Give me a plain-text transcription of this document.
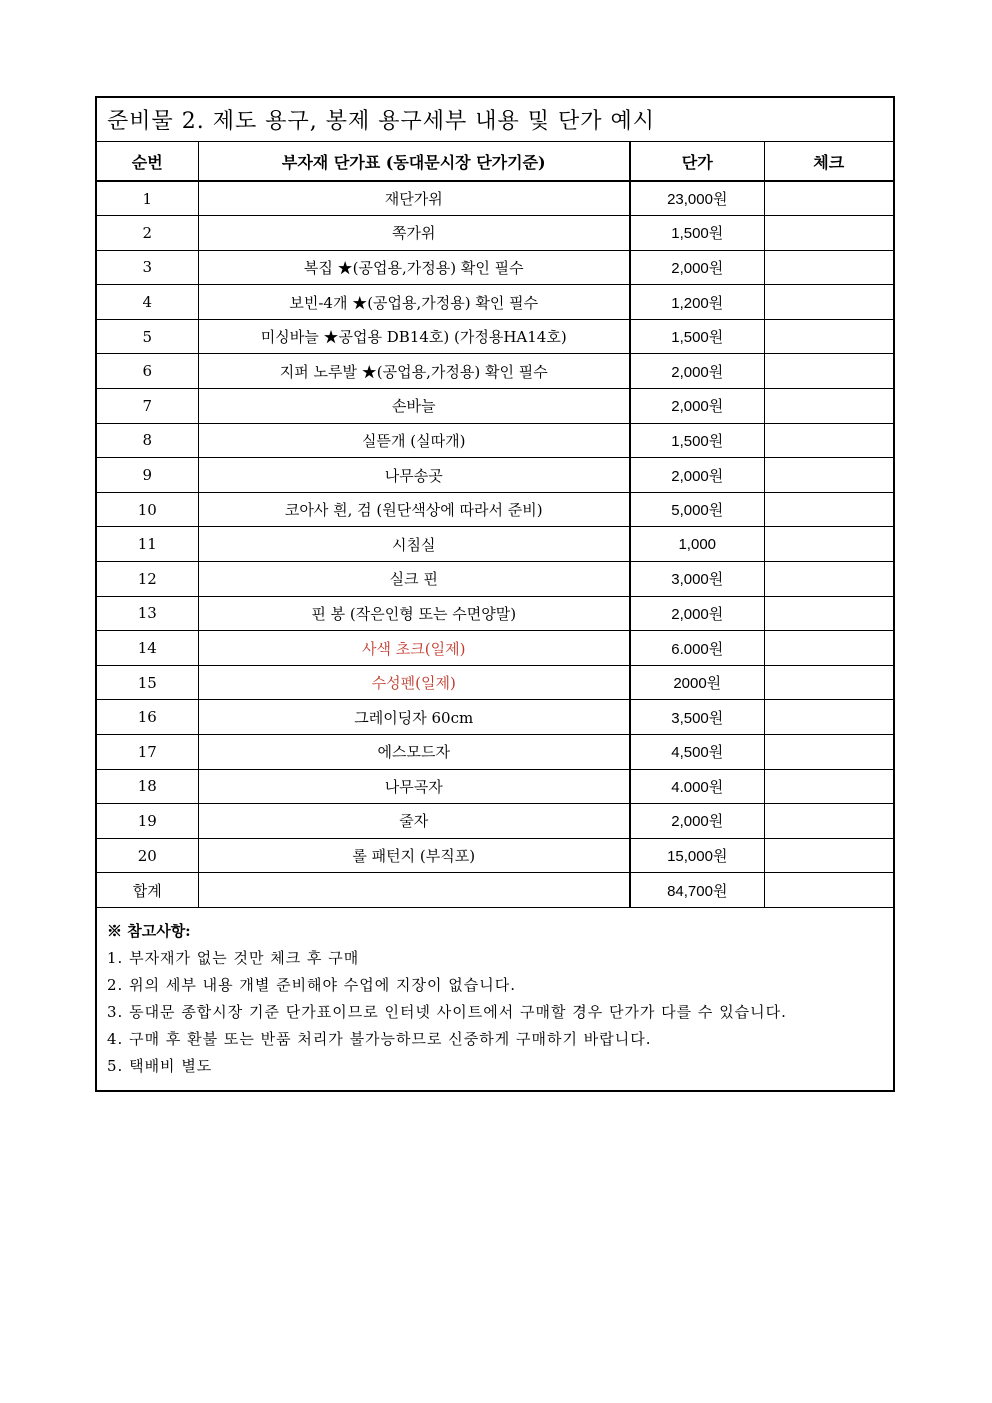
준비물 2. 제도 용구, 봉제 용구세부 내용 및 단가 예시
순번	부자재 단가표 (동대문시장 단가기준)	단가	체크
1	재단가위	23,000원	
2	쪽가위	1,500원	
3	복집 ★(공업용,가정용) 확인 필수	2,000원	
4	보빈-4개 ★(공업용,가정용) 확인 필수	1,200원	
5	미싱바늘 ★공업용 DB14호) (가정용HA14호)	1,500원	
6	지퍼 노루발 ★(공업용,가정용) 확인 필수	2,000원	
7	손바늘	2,000원	
8	실뜯개 (실따개)	1,500원	
9	나무송곳	2,000원	
10	코아사 흰, 검 (원단색상에 따라서 준비)	5,000원	
11	시침실	1,000	
12	실크 핀	3,000원	
13	핀 봉 (작은인형 또는 수면양말)	2,000원	
14	사색 초크(일제)	6.000원	
15	수성펜(일제)	2000원	
16	그레이딩자 60cm	3,500원	
17	에스모드자	4,500원	
18	나무곡자	4.000원	
19	줄자	2,000원	
20	롤 패턴지 (부직포)	15,000원	
합계		84,700원	
※ 참고사항:
1. 부자재가 없는 것만 체크 후 구매
2. 위의 세부 내용 개별 준비해야 수업에 지장이 없습니다.
3. 동대문 종합시장 기준 단가표이므로 인터넷 사이트에서 구매할 경우 단가가 다를 수 있습니다.
4. 구매 후 환불 또는 반품 처리가 불가능하므로 신중하게 구매하기 바랍니다.
5. 택배비 별도
